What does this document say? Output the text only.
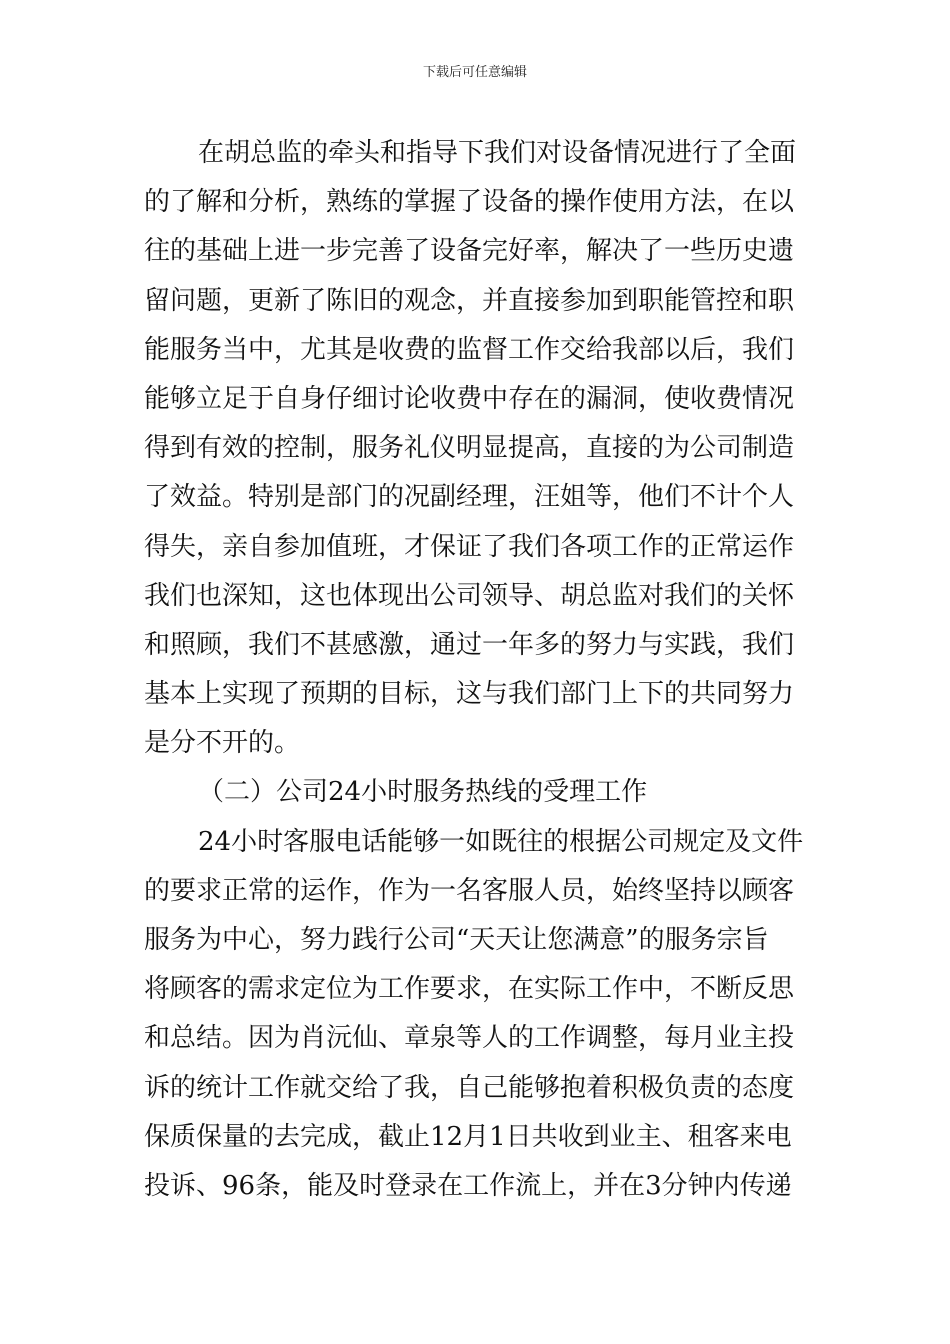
下载后可任意编辑
在胡总监的牵头和指导下我们对设备情况进行了全面
的了解和分析，熟练的掌握了设备的操作使用方法，在以
往的基础上进一步完善了设备完好率，解决了一些历史遗
留问题，更新了陈旧的观念，并直接参加到职能管控和职
能服务当中，尤其是收费的监督工作交给我部以后，我们
能够立足于自身仔细讨论收费中存在的漏洞，使收费情况
得到有效的控制，服务礼仪明显提高，直接的为公司制造
了效益。特别是部门的况副经理，汪姐等，他们不计个人
得失，亲自参加值班，才保证了我们各项工作的正常运作
我们也深知，这也体现出公司领导、胡总监对我们的关怀
和照顾，我们不甚感激，通过一年多的努力与实践，我们
基本上实现了预期的目标，这与我们部门上下的共同努力
是分不开的。
（二）公司24小时服务热线的受理工作
24小时客服电话能够一如既往的根据公司规定及文件
的要求正常的运作，作为一名客服人员，始终坚持以顾客
服务为中心，努力践行公司“天天让您满意”的服务宗旨
将顾客的需求定位为工作要求，在实际工作中，不断反思
和总结。因为肖沅仙、章泉等人的工作调整，每月业主投
诉的统计工作就交给了我，自己能够抱着积极负责的态度
保质保量的去完成，截止12月1日共收到业主、租客来电
投诉、96条，能及时登录在工作流上，并在3分钟内传递
